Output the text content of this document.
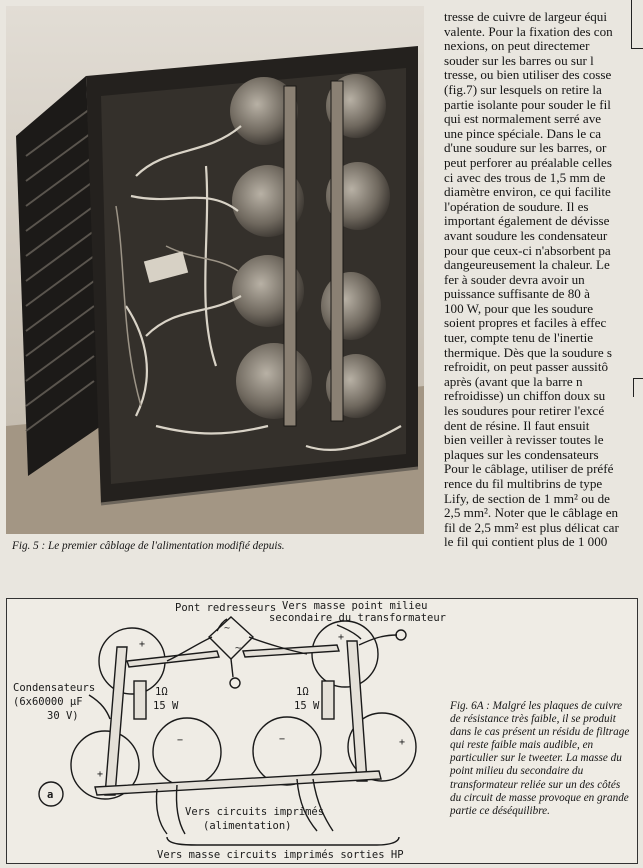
Fig. 5 : Le premier câblage de l'alimentation modifié depuis.
tresse de cuivre de largeur équi
valente. Pour la fixation des con
nexions, on peut directemer
souder sur les barres ou sur l
tresse, ou bien utiliser des cosse
(fig.7) sur lesquels on retire la
partie isolante pour souder le fil
qui est normalement serré ave
une pince spéciale. Dans le ca
d'une soudure sur les barres, or
peut perforer au préalable celles
ci avec des trous de 1,5 mm de
diamètre environ, ce qui facilite
l'opération de soudure. Il es
important également de dévisse
avant soudure les condensateur
pour que ceux-ci n'absorbent pa
dangeureusement la chaleur. Le
fer à souder devra avoir un
puissance suffisante de 80 à
100 W, pour que les soudure
soient propres et faciles à effec
tuer, compte tenu de l'inertie
thermique. Dès que la soudure s
refroidit, on peut passer aussitô
après (avant que la barre n
refroidisse) un chiffon doux su
les soudures pour retirer l'excé
dent de résine. Il faut ensuit
bien veiller à revisser toutes le
plaques sur les condensateurs
Pour le câblage, utiliser de préfé
rence du fil multibrins de type
Lify, de section de 1 mm² ou de
2,5 mm². Noter que le câblage en
fil de 2,5 mm² est plus délicat car
le fil qui contient plus de 1 000
+
+
+
−	−	+
~
~
Pont redresseurs Vers masse point milieu
secondaire du transformateur
Condensateurs
(6x60000 µF
30 V)
1Ω
15 W
1Ω
15 W
Vers circuits imprimés
(alimentation)
Vers masse circuits imprimés sorties HP
a
Fig. 6A : Malgré les plaques de cuivre de résistance très faible, il se produit dans le cas présent un résidu de filtrage qui reste faible mais audible, en particulier sur le tweeter. La masse du point milieu du secondaire du transformateur reliée sur un des côtés du circuit de masse provoque en grande partie ce déséquilibre.
